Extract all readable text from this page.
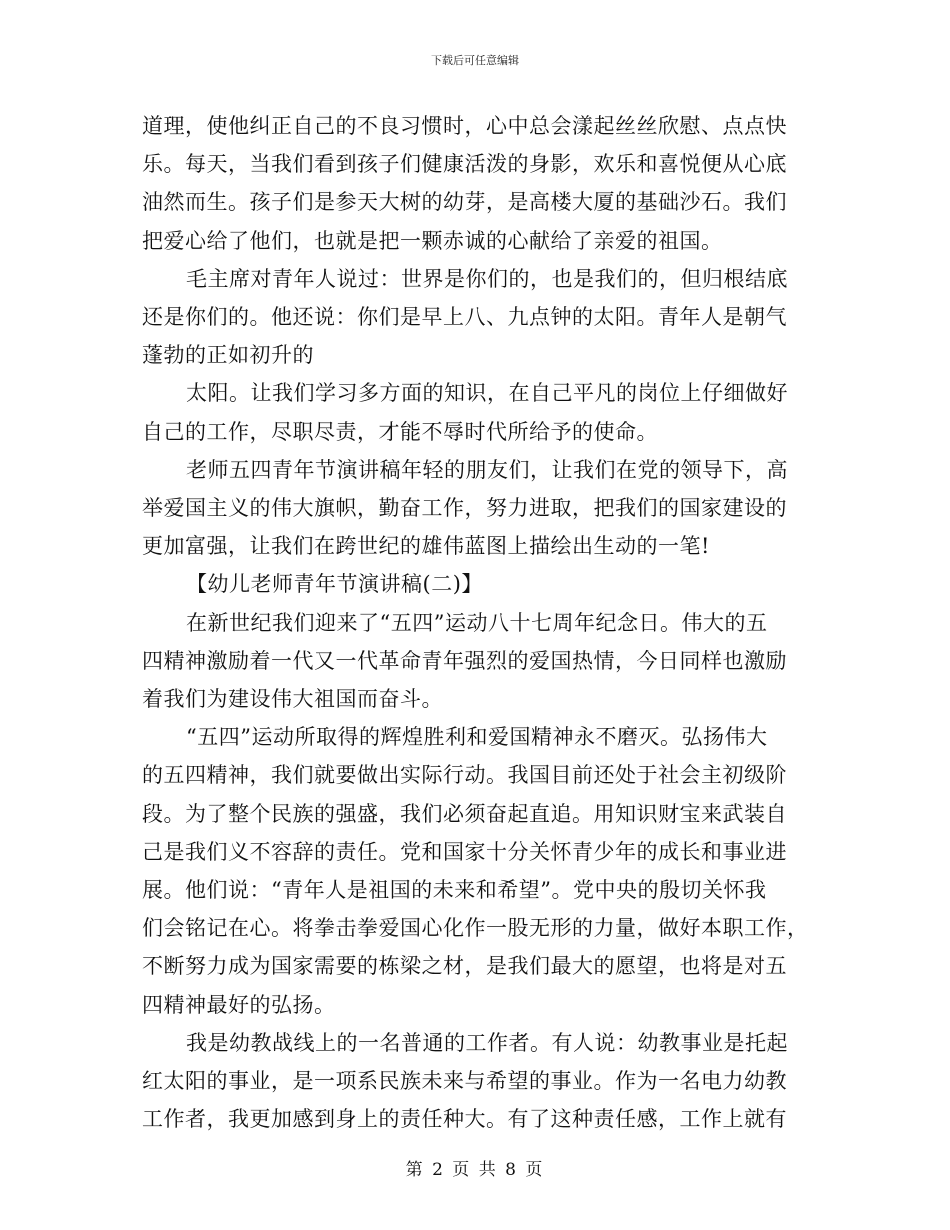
下载后可任意编辑
道理，使他纠正自己的不良习惯时，心中总会漾起丝丝欣慰、点点快
乐。每天，当我们看到孩子们健康活泼的身影，欢乐和喜悦便从心底
油然而生。孩子们是参天大树的幼芽，是高楼大厦的基础沙石。我们
把爱心给了他们，也就是把一颗赤诚的心献给了亲爱的祖国。
毛主席对青年人说过：世界是你们的，也是我们的，但归根结底
还是你们的。他还说：你们是早上八、九点钟的太阳。青年人是朝气
蓬勃的正如初升的
太阳。让我们学习多方面的知识，在自己平凡的岗位上仔细做好
自己的工作，尽职尽责，才能不辱时代所给予的使命。
老师五四青年节演讲稿年轻的朋友们，让我们在党的领导下，高
举爱国主义的伟大旗帜，勤奋工作，努力进取，把我们的国家建设的
更加富强，让我们在跨世纪的雄伟蓝图上描绘出生动的一笔!
【幼儿老师青年节演讲稿(二)】
在新世纪我们迎来了“五四”运动八十七周年纪念日。伟大的五
四精神激励着一代又一代革命青年强烈的爱国热情，今日同样也激励
着我们为建设伟大祖国而奋斗。
“五四”运动所取得的辉煌胜利和爱国精神永不磨灭。弘扬伟大
的五四精神，我们就要做出实际行动。我国目前还处于社会主初级阶
段。为了整个民族的强盛，我们必须奋起直追。用知识财宝来武装自
己是我们义不容辞的责任。党和国家十分关怀青少年的成长和事业进
展。他们说：“青年人是祖国的未来和希望”。党中央的殷切关怀我
们会铭记在心。将拳击拳爱国心化作一股无形的力量，做好本职工作，
不断努力成为国家需要的栋梁之材，是我们最大的愿望，也将是对五
四精神最好的弘扬。
我是幼教战线上的一名普通的工作者。有人说：幼教事业是托起
红太阳的事业，是一项系民族未来与希望的事业。作为一名电力幼教
工作者，我更加感到身上的责任种大。有了这种责任感，工作上就有
第 2 页 共 8 页
